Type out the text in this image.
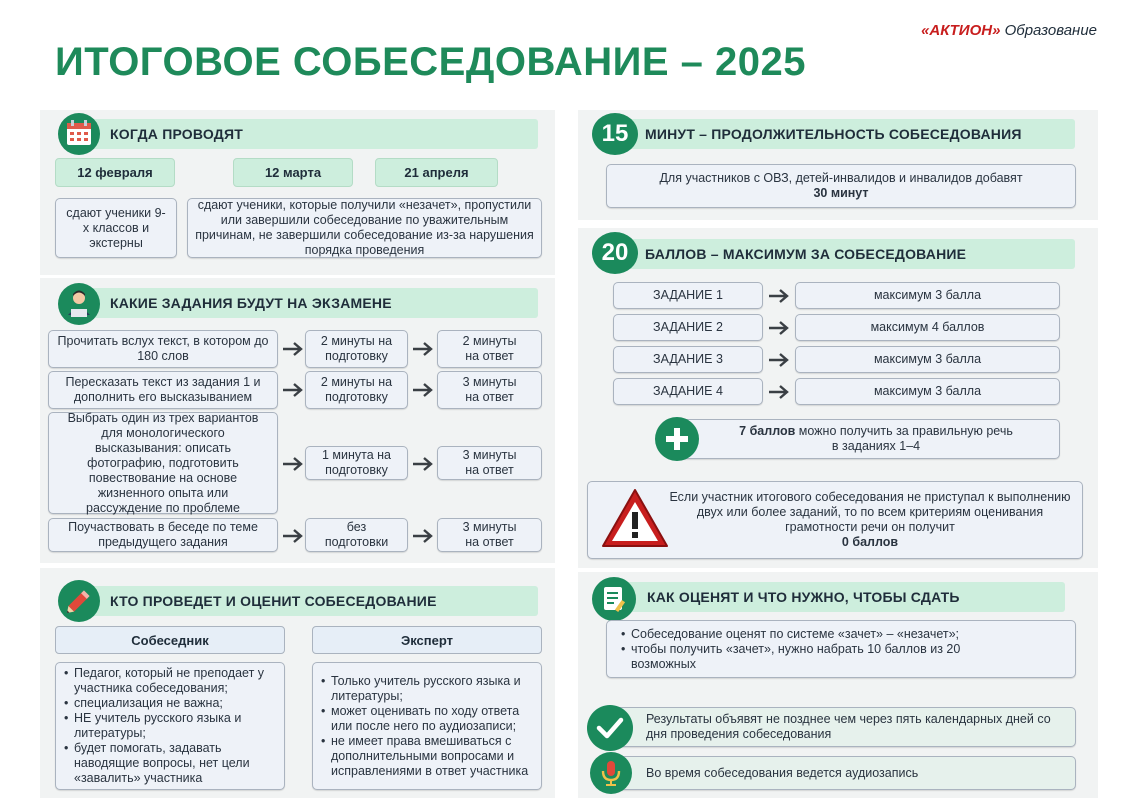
«АКТИОН» Образование
ИТОГОВОЕ СОБЕСЕДОВАНИЕ – 2025
КОГДА ПРОВОДЯТ
12 февраля	12 марта	21 апреля
сдают ученики 9-х классов и экстерны
сдают ученики, которые получили «незачет», пропустили или завершили собеседование по уважительным причинам, не завершили собеседование из-за нарушения порядка проведения
КАКИЕ ЗАДАНИЯ БУДУТ НА ЭКЗАМЕНЕ
Прочитать вслух текст, в котором до 180 слов
2 минуты на подготовку
2 минуты на ответ
Пересказать текст из задания 1 и дополнить его высказыванием
2 минуты на подготовку
3 минуты на ответ
Выбрать один из трех вариантов для монологического высказывания: описать фотографию, подготовить повествование на основе жизненного опыта или рассуждение по проблеме
1 минута на подготовку
3 минуты на ответ
Поучаствовать в беседе по теме предыдущего задания
без подготовки
3 минуты на ответ
КТО ПРОВЕДЕТ И ОЦЕНИТ СОБЕСЕДОВАНИЕ
Собеседник	Эксперт
• Педагог, который не преподает у участника собеседования;
• специализация не важна;
• НЕ учитель русского языка и литературы;
• будет помогать, задавать наводящие вопросы, нет цели «завалить» участника
• Только учитель русского языка и литературы;
• может оценивать по ходу ответа или после него по аудиозаписи;
• не имеет права вмешиваться с дополнительными вопросами и исправлениями в ответ участника
МИНУТ – ПРОДОЛЖИТЕЛЬНОСТЬ СОБЕСЕДОВАНИЯ
15
Для участников с ОВЗ, детей-инвалидов и инвалидов добавят
30 минут
БАЛЛОВ – МАКСИМУМ ЗА СОБЕСЕДОВАНИЕ
20
ЗАДАНИЕ 1	максимум 3 балла
ЗАДАНИЕ 2	максимум 4 баллов
ЗАДАНИЕ 3	максимум 3 балла
ЗАДАНИЕ 4	максимум 3 балла
7 баллов можно получить за правильную речь
в заданиях 1–4
Если участник итогового собеседования не приступал к выполнению двух или более заданий, то по всем критериям оценивания грамотности речи он получит
0 баллов
КАК ОЦЕНЯТ И ЧТО НУЖНО, ЧТОБЫ СДАТЬ
• Собеседование оценят по системе «зачет» – «незачет»;
• чтобы получить «зачет», нужно набрать 10 баллов из 20 возможных
Результаты объявят не позднее чем через пять календарных дней со дня проведения собеседования
Во время собеседования ведется аудиозапись
